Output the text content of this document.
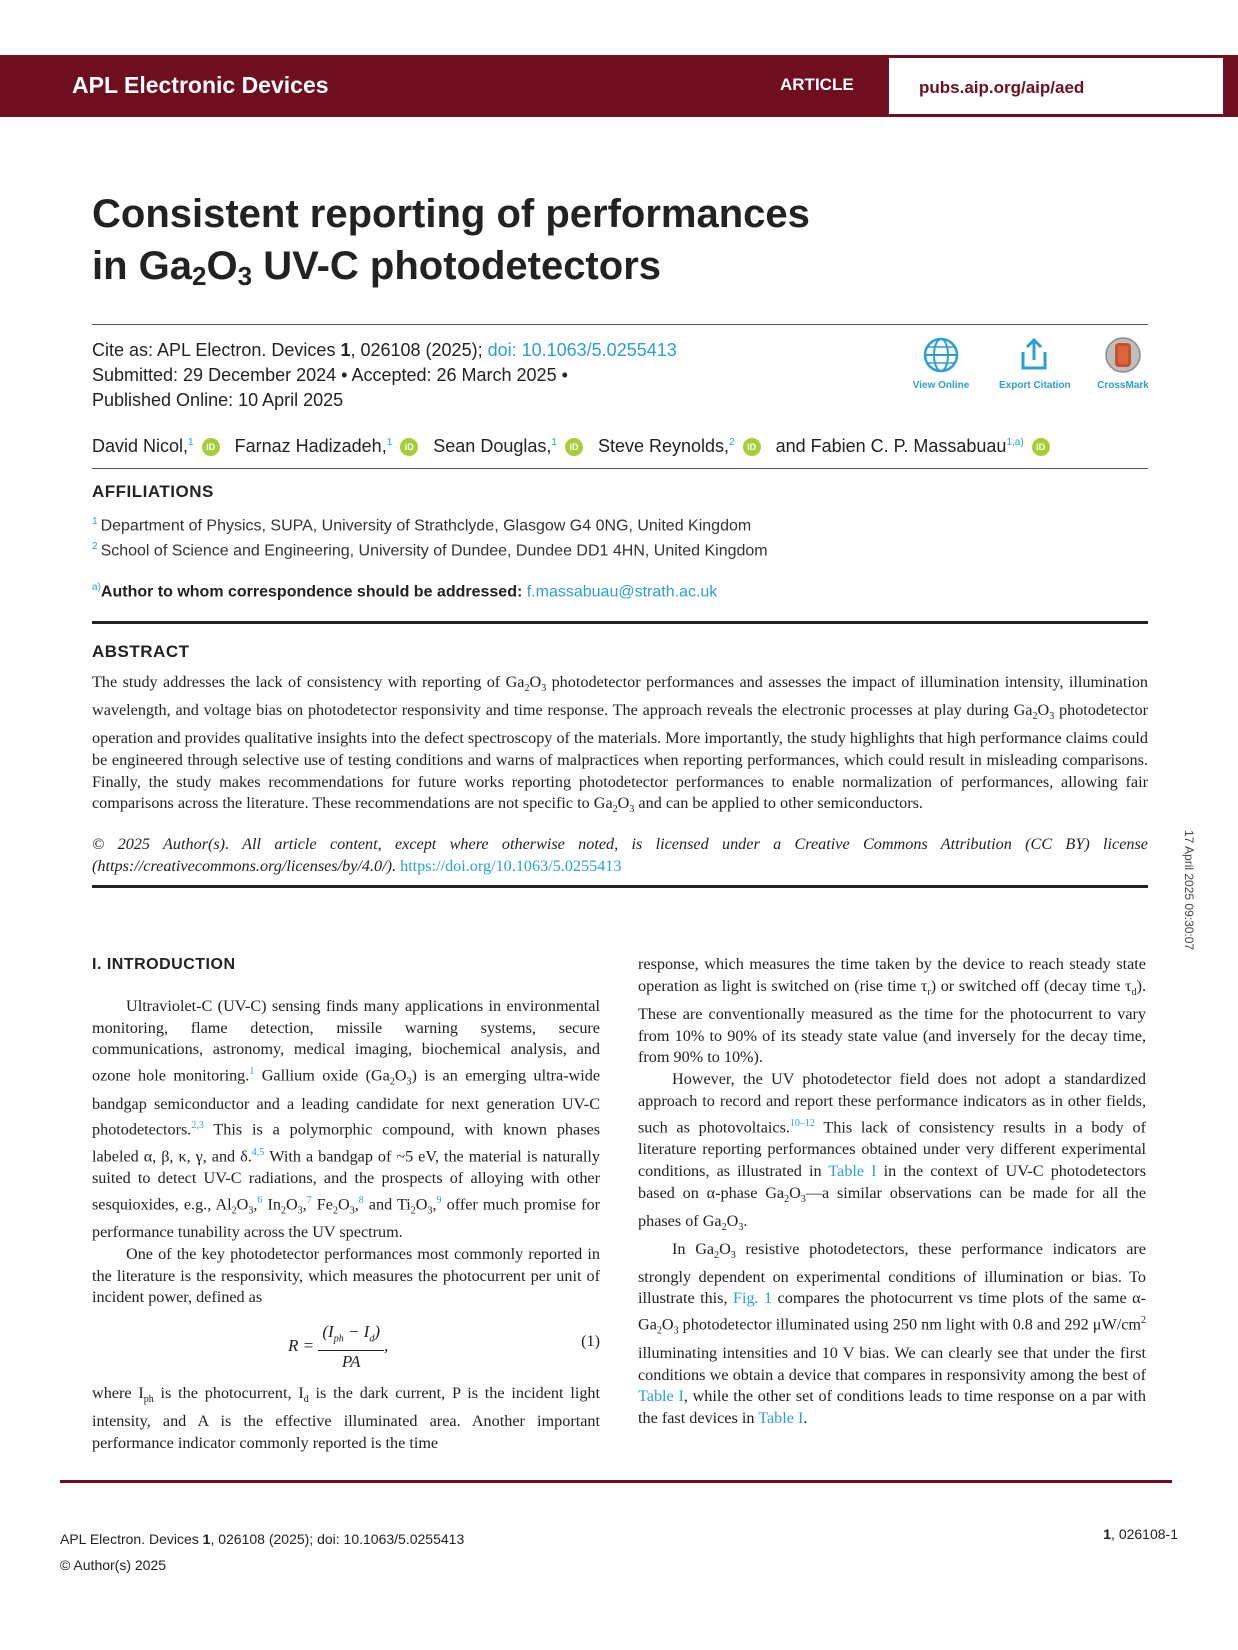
APL Electronic Devices	ARTICLE	pubs.aip.org/aip/aed
Consistent reporting of performances
in $Ga_2O_3$ UV-C photodetectors
Cite as: APL Electron. Devices 1, 026108 (2025); doi: 10.1063/5.0255413
Submitted: 29 December 2024 • Accepted: 26 March 2025 •
Published Online: 10 April 2025
View Online	Export Citation	CrossMark
David Nicol,$^1$ iD Farnaz Hadizadeh,$^1$ iD Sean Douglas,$^1$ iD Steve Reynolds,$^2$ iD and Fabien C. P. Massabuau$^{1,a)}$ iD
AFFILIATIONS
$^1$ Department of Physics, SUPA, University of Strathclyde, Glasgow G4 0NG, United Kingdom
$^2$ School of Science and Engineering, University of Dundee, Dundee DD1 4HN, United Kingdom
$^{a)}$Author to whom correspondence should be addressed: f.massabuau@strath.ac.uk
ABSTRACT
The study addresses the lack of consistency with reporting of $Ga_2O_3$ photodetector performances and assesses the impact of illumination intensity, illumination wavelength, and voltage bias on photodetector responsivity and time response. The approach reveals the electronic processes at play during $Ga_2O_3$ photodetector operation and provides qualitative insights into the defect spectroscopy of the materials. More importantly, the study highlights that high performance claims could be engineered through selective use of testing conditions and warns of malpractices when reporting performances, which could result in misleading comparisons. Finally, the study makes recommendations for future works reporting photodetector performances to enable normalization of performances, allowing fair comparisons across the literature. These recommendations are not specific to $Ga_2O_3$ and can be applied to other semiconductors.
© 2025 Author(s). All article content, except where otherwise noted, is licensed under a Creative Commons Attribution (CC BY) license (https://creativecommons.org/licenses/by/4.0/). https://doi.org/10.1063/5.0255413	17 April 2025 09:30:07
I. INTRODUCTION

Ultraviolet-C (UV-C) sensing finds many applications in environmental monitoring, flame detection, missile warning systems, secure communications, astronomy, medical imaging, biochemical analysis, and ozone hole monitoring.$^1$ Gallium oxide $(Ga_2O_3)$ is an emerging ultra-wide bandgap semiconductor and a leading candidate for next generation UV-C photodetectors.$^{2,3}$ This is a polymorphic compound, with known phases labeled α, β, κ, γ, and δ.$^{4,5}$ With a bandgap of ~5 eV, the material is naturally suited to detect UV-C radiations, and the prospects of alloying with other sesquioxides, e.g., $Al_2O_3,^6$ $In_2O_3,^7$ $Fe_2O_3,^8$ and $Ti_2O_3,^9$ offer much promise for performance tunability across the UV spectrum.

One of the key photodetector performances most commonly reported in the literature is the responsivity, which measures the photocurrent per unit of incident power, defined as

$R = \frac{(I_{ph} - I_d)}{PA}$ ,	(1)

where $I_{ph}$ is the photocurrent, $I_d$ is the dark current, P is the incident light intensity, and A is the effective illuminated area. Another important performance indicator commonly reported is the time

response, which measures the time taken by the device to reach steady state operation as light is switched on (rise time $\tau_r$) or switched off (decay time $\tau_d$). These are conventionally measured as the time for the photocurrent to vary from 10% to 90% of its steady state value (and inversely for the decay time, from 90% to 10%).

However, the UV photodetector field does not adopt a standardized approach to record and report these performance indicators as in other fields, such as photovoltaics.$^{10-12}$ This lack of consistency results in a body of literature reporting performances obtained under very different experimental conditions, as illustrated in Table I in the context of UV-C photodetectors based on α-phase $Ga_2O_3—a$ similar observations can be made for all the phases of $Ga_2O_3$.

In $Ga_2O_3$ resistive photodetectors, these performance indicators are strongly dependent on experimental conditions of illumination or bias. To illustrate this, Fig. 1 compares the photocurrent vs time plots of the same $\alpha-Ga_2O_3$ photodetector illuminated using 250 nm light with 0.8 and 292 $\mu W/cm^2$ illuminating intensities and 10 V bias. We can clearly see that under the first conditions we obtain a device that compares in responsivity among the best of Table I, while the other set of conditions leads to time response on a par with the fast devices in Table I.

APL Electron. Devices 1, 026108 (2025); doi: 10.1063/5.0255413
© Author(s) 2025
1, 026108-1
